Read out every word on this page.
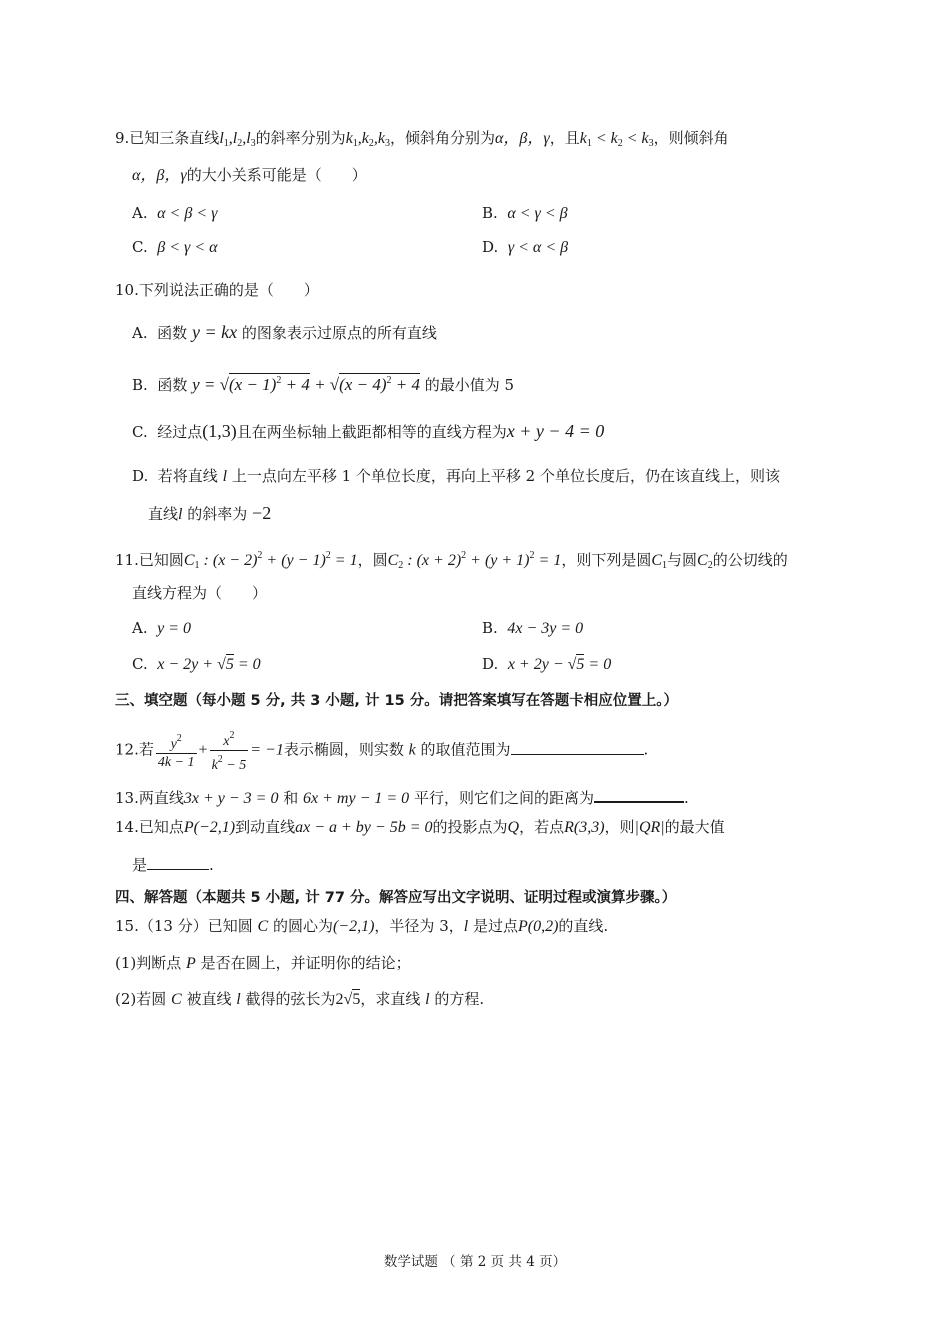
9.已知三条直线$l_1,l_2,l_3$的斜率分别为$k_1,k_2,k_3$，倾斜角分别为α，β，γ，且$k_1 < k_2 < k_3$，则倾斜角
α，β，γ的大小关系可能是（　　）
A. α < β < γ	B. α < γ < β
C. β < γ < α	D. γ < α < β
10.下列说法正确的是（　　）
A. 函数 y = kx 的图象表示过原点的所有直线
B. 函数 $y = √(x - 1)^2 + 4 + √(x - 4)^2 + 4$ 的最小值为 5
C. 经过点(1,3)且在两坐标轴上截距都相等的直线方程为x + y − 4 = 0
D.  若将直线 l 上一点向左平移 1 个单位长度，再向上平移 2 个单位长度后，仍在该直线上，则该
直线l 的斜率为 −2
11.已知圆$C_1$ : $(x - 2)^2 + (y - 1)^2 = 1$，圆$C_2$ : $(x + 2)^2 + (y + 1)^2 = 1$，则下列是圆$C_1$与圆$C_2$的公切线的
直线方程为（　　）
A. y = 0	B. 4x − 3y = 0
C. x − 2y + √5 = 0	D. x + 2y − √5 = 0
三、填空题（每小题 5 分, 共 3 小题, 计 15 分。请把答案填写在答题卡相应位置上。）
12.若 $\frac{y^2}{4k - 1} + \frac{x^2}{k^2 - 5} = -1$表示椭圆，则实数 k 的取值范围为	.
13.两直线3x + y − 3 = 0 和 6x + my − 1 = 0 平行，则它们之间的距离为	.
14.已知点P(−2,1)到动直线ax − a + by − 5b = 0的投影点为Q，若点R(3,3)，则|QR|的最大值
是	.
四、解答题（本题共 5 小题, 计 77 分。解答应写出文字说明、证明过程或演算步骤。）
15.（13 分）已知圆 C 的圆心为(−2,1)，半径为 3，l 是过点P(0,2)的直线.
(1)判断点 P 是否在圆上，并证明你的结论；
(2)若圆 C 被直线 l 截得的弦长为2√5，求直线 l 的方程.
数学试题 （ 第 2 页 共 4 页）
